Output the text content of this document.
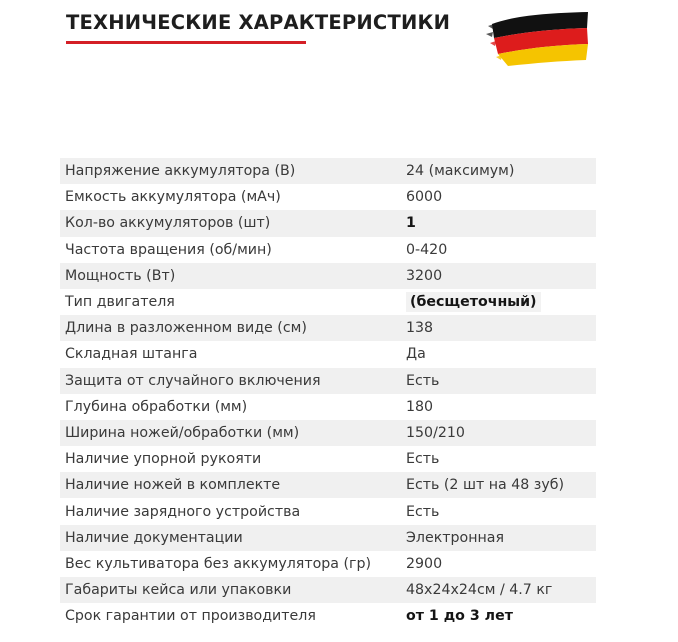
ТЕХНИЧЕСКИЕ ХАРАКТЕРИСТИКИ
Напряжение аккумулятора (В)	24 (максимум)
Емкость аккумулятора (мАч)	6000
Кол-во аккумуляторов (шт)	1
Частота вращения (об/мин)	0-420
Мощность (Вт)	3200
Тип двигателя	(бесщеточный)
Длина в разложенном виде (см)	138
Складная штанга	Да
Защита от случайного включения	Есть
Глубина обработки (мм)	180
Ширина ножей/обработки (мм)	150/210
Наличие упорной рукояти	Есть
Наличие ножей в комплекте	Есть (2 шт на 48 зуб)
Наличие зарядного устройства	Есть
Наличие документации	Электронная
Вес культиватора без аккумулятора (гр)	2900
Габариты кейса или упаковки	48х24х24см / 4.7 кг
Срок гарантии от производителя	от 1 до 3 лет
